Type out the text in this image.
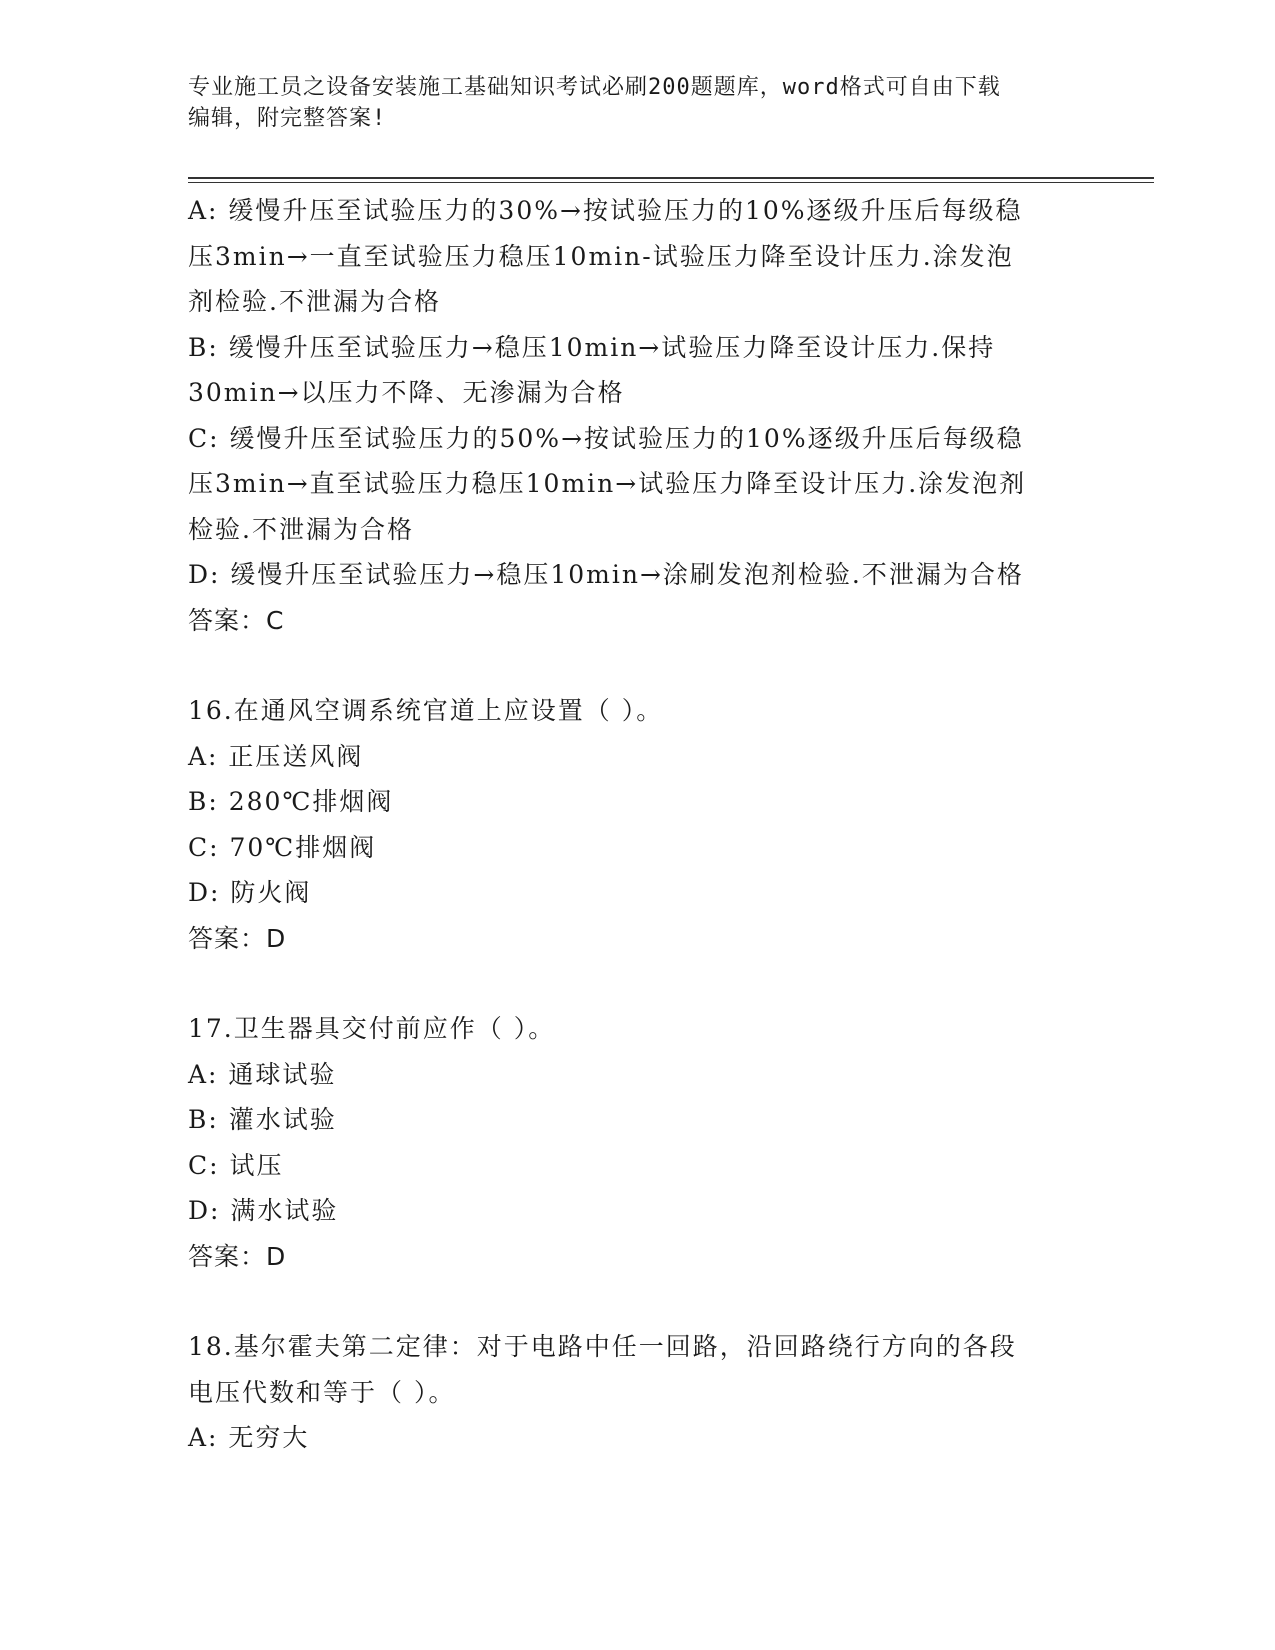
专业施工员之设备安装施工基础知识考试必刷200题题库，word格式可自由下载
编辑，附完整答案!
A: 缓慢升压至试验压力的30%→按试验压力的10%逐级升压后每级稳
压3min→一直至试验压力稳压10min-试验压力降至设计压力.涂发泡
剂检验.不泄漏为合格
B: 缓慢升压至试验压力→稳压10min→试验压力降至设计压力.保持
30min→以压力不降、无渗漏为合格
C: 缓慢升压至试验压力的50%→按试验压力的10%逐级升压后每级稳
压3min→直至试验压力稳压10min→试验压力降至设计压力.涂发泡剂
检验.不泄漏为合格
D: 缓慢升压至试验压力→稳压10min→涂刷发泡剂检验.不泄漏为合格
答案：C
16.在通风空调系统官道上应设置（ ）。
A: 正压送风阀
B: 280℃排烟阀
C: 70℃排烟阀
D: 防火阀
答案：D
17.卫生器具交付前应作（ ）。
A: 通球试验
B: 灌水试验
C: 试压
D: 满水试验
答案：D
18.基尔霍夫第二定律：对于电路中任一回路，沿回路绕行方向的各段
电压代数和等于（ ）。
A: 无穷大
